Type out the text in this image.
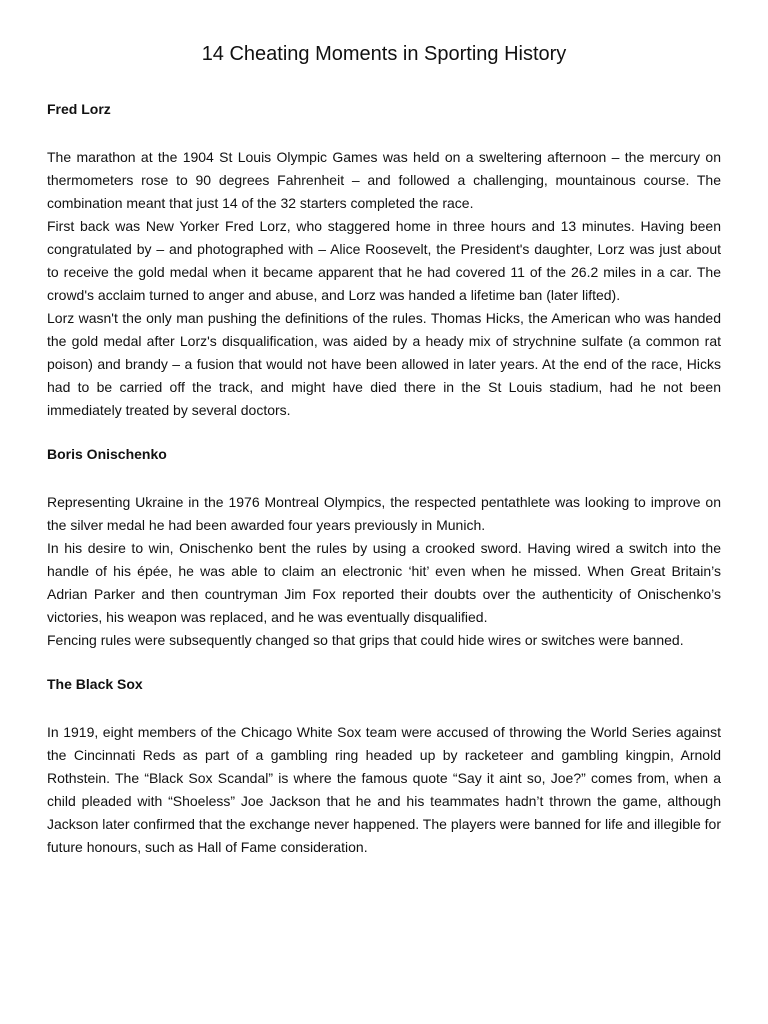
14 Cheating Moments in Sporting History
Fred Lorz

The marathon at the 1904 St Louis Olympic Games was held on a sweltering afternoon – the mercury on thermometers rose to 90 degrees Fahrenheit – and followed a challenging, mountainous course. The combination meant that just 14 of the 32 starters completed the race.

First back was New Yorker Fred Lorz, who staggered home in three hours and 13 minutes. Having been congratulated by – and photographed with – Alice Roosevelt, the President's daughter, Lorz was just about to receive the gold medal when it became apparent that he had covered 11 of the 26.2 miles in a car. The crowd's acclaim turned to anger and abuse, and Lorz was handed a lifetime ban (later lifted).

Lorz wasn't the only man pushing the definitions of the rules. Thomas Hicks, the American who was handed the gold medal after Lorz's disqualification, was aided by a heady mix of strychnine sulfate (a common rat poison) and brandy – a fusion that would not have been allowed in later years. At the end of the race, Hicks had to be carried off the track, and might have died there in the St Louis stadium, had he not been immediately treated by several doctors.

Boris Onischenko

Representing Ukraine in the 1976 Montreal Olympics, the respected pentathlete was looking to improve on the silver medal he had been awarded four years previously in Munich.

In his desire to win, Onischenko bent the rules by using a crooked sword. Having wired a switch into the handle of his épée, he was able to claim an electronic ‘hit’ even when he missed. When Great Britain’s Adrian Parker and then countryman Jim Fox reported their doubts over the authenticity of Onischenko’s victories, his weapon was replaced, and he was eventually disqualified.

Fencing rules were subsequently changed so that grips that could hide wires or switches were banned.

The Black Sox

In 1919, eight members of the Chicago White Sox team were accused of throwing the World Series against the Cincinnati Reds as part of a gambling ring headed up by racketeer and gambling kingpin, Arnold Rothstein. The “Black Sox Scandal” is where the famous quote “Say it aint so, Joe?” comes from, when a child pleaded with “Shoeless” Joe Jackson that he and his teammates hadn’t thrown the game, although Jackson later confirmed that the exchange never happened. The players were banned for life and illegible for future honours, such as Hall of Fame consideration.
